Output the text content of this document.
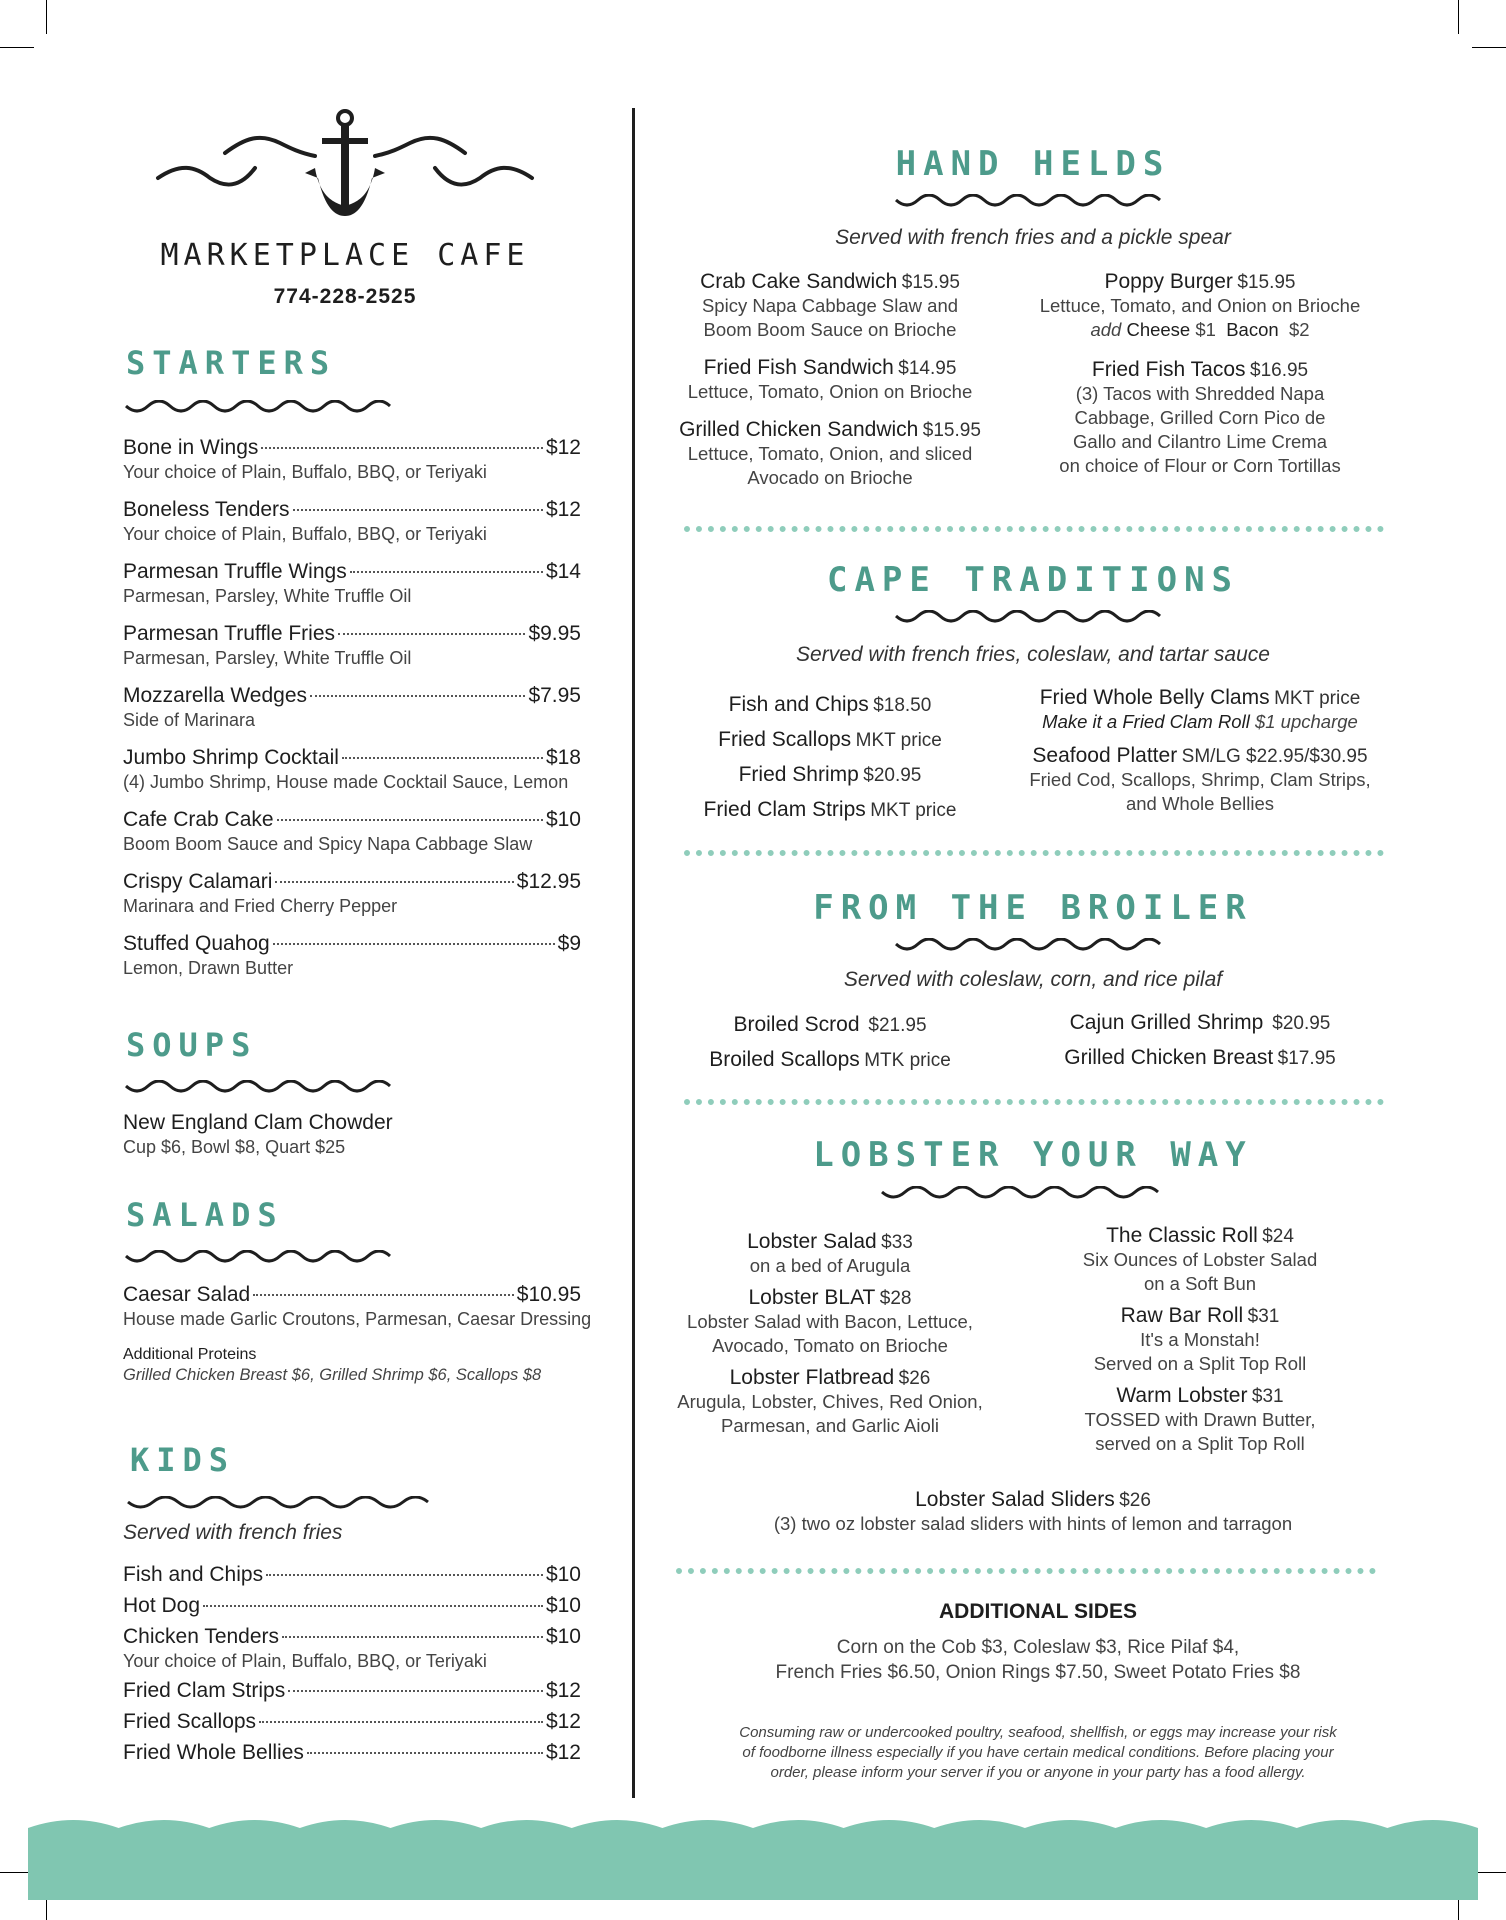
MARKETPLACE CAFE
774-228-2525
STARTERS
Bone in Wings	$12
Your choice of Plain, Buffalo, BBQ, or Teriyaki
Boneless Tenders	$12
Your choice of Plain, Buffalo, BBQ, or Teriyaki
Parmesan Truffle Wings	$14
Parmesan, Parsley, White Truffle Oil
Parmesan Truffle Fries	$9.95
Parmesan, Parsley, White Truffle Oil
Mozzarella Wedges	$7.95
Side of Marinara
Jumbo Shrimp Cocktail	$18
(4) Jumbo Shrimp, House made Cocktail Sauce, Lemon
Cafe Crab Cake	$10
Boom Boom Sauce and Spicy Napa Cabbage Slaw
Crispy Calamari	$12.95
Marinara and Fried Cherry Pepper
Stuffed Quahog	$9
Lemon, Drawn Butter
SOUPS
New England Clam Chowder
Cup $6, Bowl $8, Quart $25
SALADS
Caesar Salad	$10.95
House made Garlic Croutons, Parmesan, Caesar Dressing
Additional Proteins
Grilled Chicken Breast $6, Grilled Shrimp $6, Scallops $8
KIDS
Served with french fries
Fish and Chips	$10
Hot Dog	$10
Chicken Tenders	$10
Your choice of Plain, Buffalo, BBQ, or Teriyaki
Fried Clam Strips	$12
Fried Scallops	$12
Fried Whole Bellies	$12
HAND HELDS
Served with french fries and a pickle spear
Crab Cake Sandwich $15.95
Spicy Napa Cabbage Slaw and
Boom Boom Sauce on Brioche
Fried Fish Sandwich $14.95
Lettuce, Tomato, Onion on Brioche
Grilled Chicken Sandwich $15.95
Lettuce, Tomato, Onion, and sliced
Avocado on Brioche
Poppy Burger $15.95
Lettuce, Tomato, and Onion on Brioche
add Cheese $1 Bacon $2
Fried Fish Tacos $16.95
(3) Tacos with Shredded Napa
Cabbage, Grilled Corn Pico de
Gallo and Cilantro Lime Crema
on choice of Flour or Corn Tortillas
CAPE TRADITIONS
Served with french fries, coleslaw, and tartar sauce
Fish and Chips $18.50
Fried Scallops MKT price
Fried Shrimp $20.95
Fried Clam Strips MKT price
Fried Whole Belly Clams MKT price
Make it a Fried Clam Roll $1 upcharge
Seafood Platter SM/LG $22.95/$30.95
Fried Cod, Scallops, Shrimp, Clam Strips,
and Whole Bellies
FROM THE BROILER
Served with coleslaw, corn, and rice pilaf
Broiled Scrod $21.95
Broiled Scallops MTK price
Cajun Grilled Shrimp $20.95
Grilled Chicken Breast $17.95
LOBSTER YOUR WAY
Lobster Salad $33
on a bed of Arugula
Lobster BLAT $28
Lobster Salad with Bacon, Lettuce,
Avocado, Tomato on Brioche
Lobster Flatbread $26
Arugula, Lobster, Chives, Red Onion,
Parmesan, and Garlic Aioli
The Classic Roll $24
Six Ounces of Lobster Salad
on a Soft Bun
Raw Bar Roll $31
It's a Monstah!
Served on a Split Top Roll
Warm Lobster $31
TOSSED with Drawn Butter,
served on a Split Top Roll
Lobster Salad Sliders $26
(3) two oz lobster salad sliders with hints of lemon and tarragon
ADDITIONAL SIDES
Corn on the Cob $3, Coleslaw $3, Rice Pilaf $4,
French Fries $6.50, Onion Rings $7.50, Sweet Potato Fries $8
Consuming raw or undercooked poultry, seafood, shellfish, or eggs may increase your risk
of foodborne illness especially if you have certain medical conditions. Before placing your
order, please inform your server if you or anyone in your party has a food allergy.
